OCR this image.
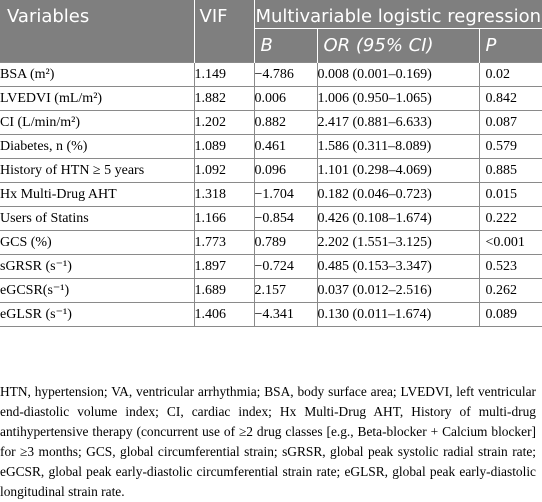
Variables	VIF	Multivariable logistic regression		
		B	OR (95% CI)	P
BSA (m²)	1.149	−4.786	0.008 (0.001–0.169)	0.02
LVEDVI (mL/m²)	1.882	0.006	1.006 (0.950–1.065)	0.842
CI (L/min/m²)	1.202	0.882	2.417 (0.881–6.633)	0.087
Diabetes, n (%)	1.089	0.461	1.586 (0.311–8.089)	0.579
History of HTN ≥ 5 years	1.092	0.096	1.101 (0.298–4.069)	0.885
Hx Multi-Drug AHT	1.318	−1.704	0.182 (0.046–0.723)	0.015
Users of Statins	1.166	−0.854	0.426 (0.108–1.674)	0.222
GCS (%)	1.773	0.789	2.202 (1.551–3.125)	<0.001
sGRSR (s⁻¹)	1.897	−0.724	0.485 (0.153–3.347)	0.523
eGCSR(s⁻¹)	1.689	2.157	0.037 (0.012–2.516)	0.262
eGLSR (s⁻¹)	1.406	−4.341	0.130 (0.011–1.674)	0.089

HTN, hypertension; VA, ventricular arrhythmia; BSA, body surface area; LVEDVI, left ventricular end-diastolic volume index; CI, cardiac index; Hx Multi-Drug AHT, History of multi-drug antihypertensive therapy (concurrent use of ≥2 drug classes [e.g., Beta-blocker + Calcium blocker] for ≥3 months; GCS, global circumferential strain; sGRSR, global peak systolic radial strain rate; eGCSR, global peak early-diastolic circumferential strain rate; eGLSR, global peak early-diastolic longitudinal strain rate.
